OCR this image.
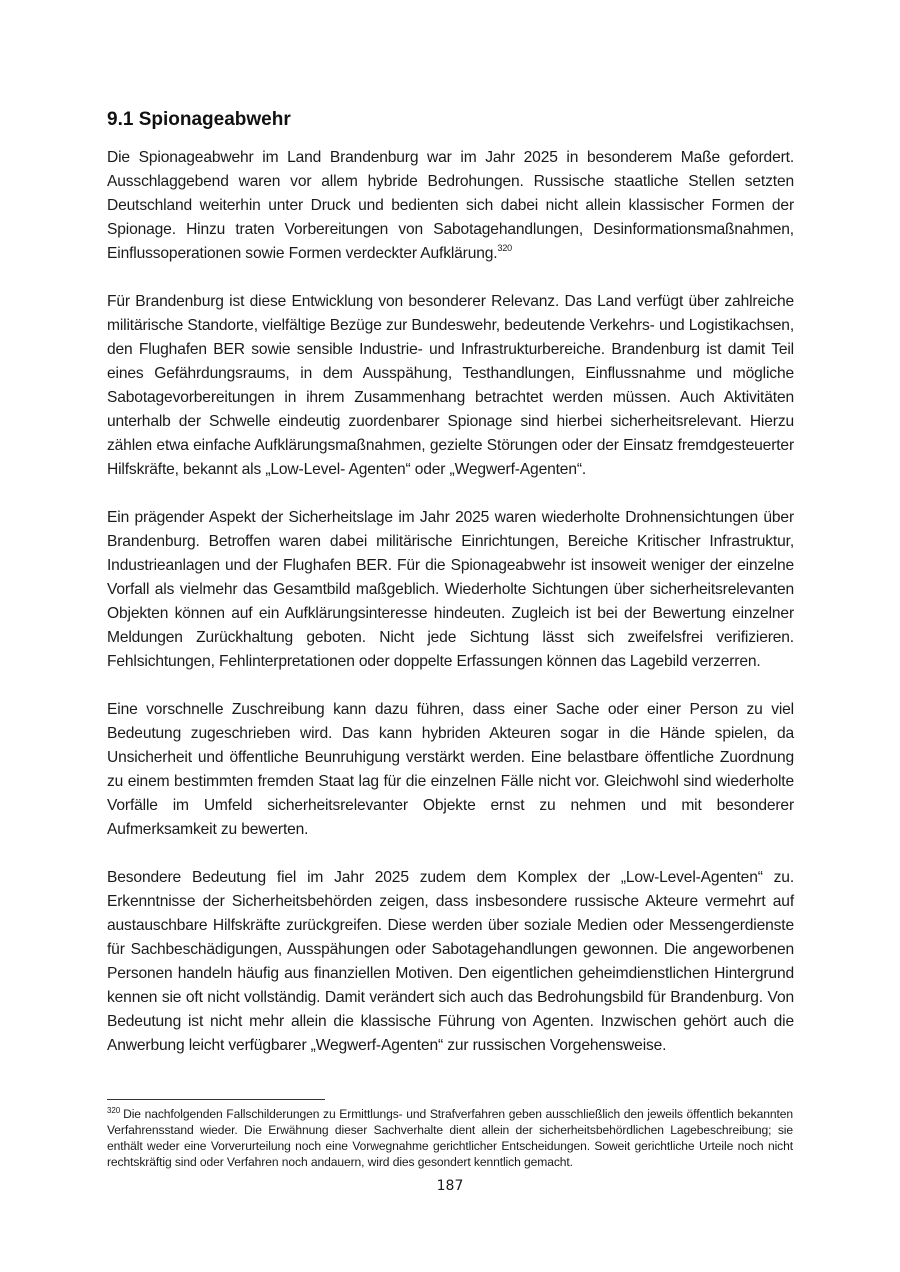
9.1 Spionageabwehr

Die Spionageabwehr im Land Brandenburg war im Jahr 2025 in besonderem Maße gefordert. Ausschlaggebend waren vor allem hybride Bedrohungen. Russische staatliche Stellen setzten Deutschland weiterhin unter Druck und bedienten sich dabei nicht allein klassischer Formen der Spionage. Hinzu traten Vorbereitungen von Sabotagehandlungen, Desinformationsmaßnahmen, Einflussoperationen sowie Formen verdeckter Aufklärung.$^{320}$

Für Brandenburg ist diese Entwicklung von besonderer Relevanz. Das Land verfügt über zahlreiche militärische Standorte, vielfältige Bezüge zur Bundeswehr, bedeutende Verkehrs- und Logistikachsen, den Flughafen BER sowie sensible Industrie- und Infrastrukturbereiche. Brandenburg ist damit Teil eines Gefährdungsraums, in dem Ausspähung, Testhandlungen, Einflussnahme und mögliche Sabotagevorbereitungen in ihrem Zusammenhang betrachtet werden müssen. Auch Aktivitäten unterhalb der Schwelle eindeutig zuordenbarer Spionage sind hierbei sicherheitsrelevant. Hierzu zählen etwa einfache Aufklärungsmaßnahmen, gezielte Störungen oder der Einsatz fremdgesteuerter Hilfskräfte, bekannt als „Low-Level- Agenten“ oder „Wegwerf-Agenten“.

Ein prägender Aspekt der Sicherheitslage im Jahr 2025 waren wiederholte Drohnensichtungen über Brandenburg. Betroffen waren dabei militärische Einrichtungen, Bereiche Kritischer Infrastruktur, Industrieanlagen und der Flughafen BER. Für die Spionageabwehr ist insoweit weniger der einzelne Vorfall als vielmehr das Gesamtbild maßgeblich. Wiederholte Sichtungen über sicherheitsrelevanten Objekten können auf ein Aufklärungsinteresse hindeuten. Zugleich ist bei der Bewertung einzelner Meldungen Zurückhaltung geboten. Nicht jede Sichtung lässt sich zweifelsfrei verifizieren. Fehlsichtungen, Fehlinterpretationen oder doppelte Erfassungen können das Lagebild verzerren.

Eine vorschnelle Zuschreibung kann dazu führen, dass einer Sache oder einer Person zu viel Bedeutung zugeschrieben wird. Das kann hybriden Akteuren sogar in die Hände spielen, da Unsicherheit und öffentliche Beunruhigung verstärkt werden. Eine belastbare öffentliche Zuordnung zu einem bestimmten fremden Staat lag für die einzelnen Fälle nicht vor. Gleichwohl sind wiederholte Vorfälle im Umfeld sicherheitsrelevanter Objekte ernst zu nehmen und mit besonderer Aufmerksamkeit zu bewerten.

Besondere Bedeutung fiel im Jahr 2025 zudem dem Komplex der „Low-Level-Agenten“ zu. Erkenntnisse der Sicherheitsbehörden zeigen, dass insbesondere russische Akteure vermehrt auf austauschbare Hilfskräfte zurückgreifen. Diese werden über soziale Medien oder Messengerdienste für Sachbeschädigungen, Ausspähungen oder Sabotagehandlungen gewonnen. Die angeworbenen Personen handeln häufig aus finanziellen Motiven. Den eigentlichen geheimdienstlichen Hintergrund kennen sie oft nicht vollständig. Damit verändert sich auch das Bedrohungsbild für Brandenburg. Von Bedeutung ist nicht mehr allein die klassische Führung von Agenten. Inzwischen gehört auch die Anwerbung leicht verfügbarer „Wegwerf-Agenten“ zur russischen Vorgehensweise.

$^{320}$ Die nachfolgenden Fallschilderungen zu Ermittlungs- und Strafverfahren geben ausschließlich den jeweils öffentlich bekannten Verfahrensstand wieder. Die Erwähnung dieser Sachverhalte dient allein der sicherheitsbehördlichen Lagebeschreibung; sie enthält weder eine Vorverurteilung noch eine Vorwegnahme gerichtlicher Entscheidungen. Soweit gerichtliche Urteile noch nicht rechtskräftig sind oder Verfahren noch andauern, wird dies gesondert kenntlich gemacht.
187
